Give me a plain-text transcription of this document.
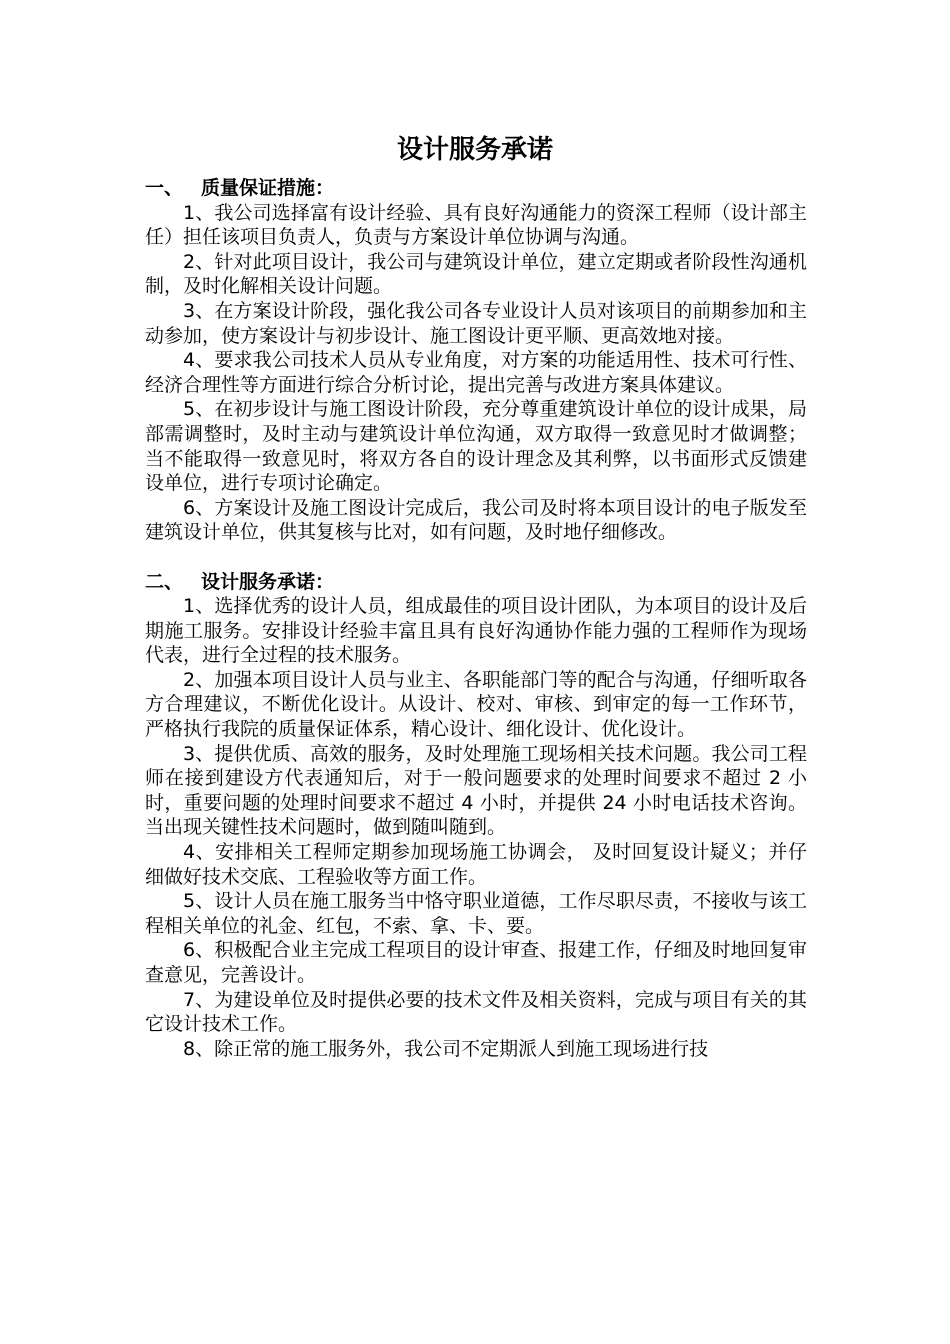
设计服务承诺

一、 质量保证措施：

1、我公司选择富有设计经验、具有良好沟通能力的资深工程师（设计部主任）担任该项目负责人，负责与方案设计单位协调与沟通。

2、针对此项目设计，我公司与建筑设计单位，建立定期或者阶段性沟通机制，及时化解相关设计问题。

3、在方案设计阶段，强化我公司各专业设计人员对该项目的前期参加和主动参加，使方案设计与初步设计、施工图设计更平顺、更高效地对接。

4、要求我公司技术人员从专业角度，对方案的功能适用性、技术可行性、经济合理性等方面进行综合分析讨论，提出完善与改进方案具体建议。

5、在初步设计与施工图设计阶段，充分尊重建筑设计单位的设计成果，局部需调整时，及时主动与建筑设计单位沟通，双方取得一致意见时才做调整；当不能取得一致意见时，将双方各自的设计理念及其利弊，以书面形式反馈建设单位，进行专项讨论确定。

6、方案设计及施工图设计完成后，我公司及时将本项目设计的电子版发至建筑设计单位，供其复核与比对，如有问题，及时地仔细修改。

二、 设计服务承诺：

1、选择优秀的设计人员，组成最佳的项目设计团队，为本项目的设计及后期施工服务。安排设计经验丰富且具有良好沟通协作能力强的工程师作为现场代表，进行全过程的技术服务。

2、加强本项目设计人员与业主、各职能部门等的配合与沟通，仔细听取各方合理建议，不断优化设计。从设计、校对、审核、到审定的每一工作环节，严格执行我院的质量保证体系，精心设计、细化设计、优化设计。

3、提供优质、高效的服务，及时处理施工现场相关技术问题。我公司工程师在接到建设方代表通知后，对于一般问题要求的处理时间要求不超过 2 小时，重要问题的处理时间要求不超过 4 小时，并提供 24 小时电话技术咨询。当出现关键性技术问题时，做到随叫随到。

4、安排相关工程师定期参加现场施工协调会， 及时回复设计疑义；并仔细做好技术交底、工程验收等方面工作。

5、设计人员在施工服务当中恪守职业道德，工作尽职尽责，不接收与该工程相关单位的礼金、红包，不索、拿、卡、要。

6、积极配合业主完成工程项目的设计审查、报建工作，仔细及时地回复审查意见，完善设计。

7、为建设单位及时提供必要的技术文件及相关资料，完成与项目有关的其它设计技术工作。

8、除正常的施工服务外，我公司不定期派人到施工现场进行技
